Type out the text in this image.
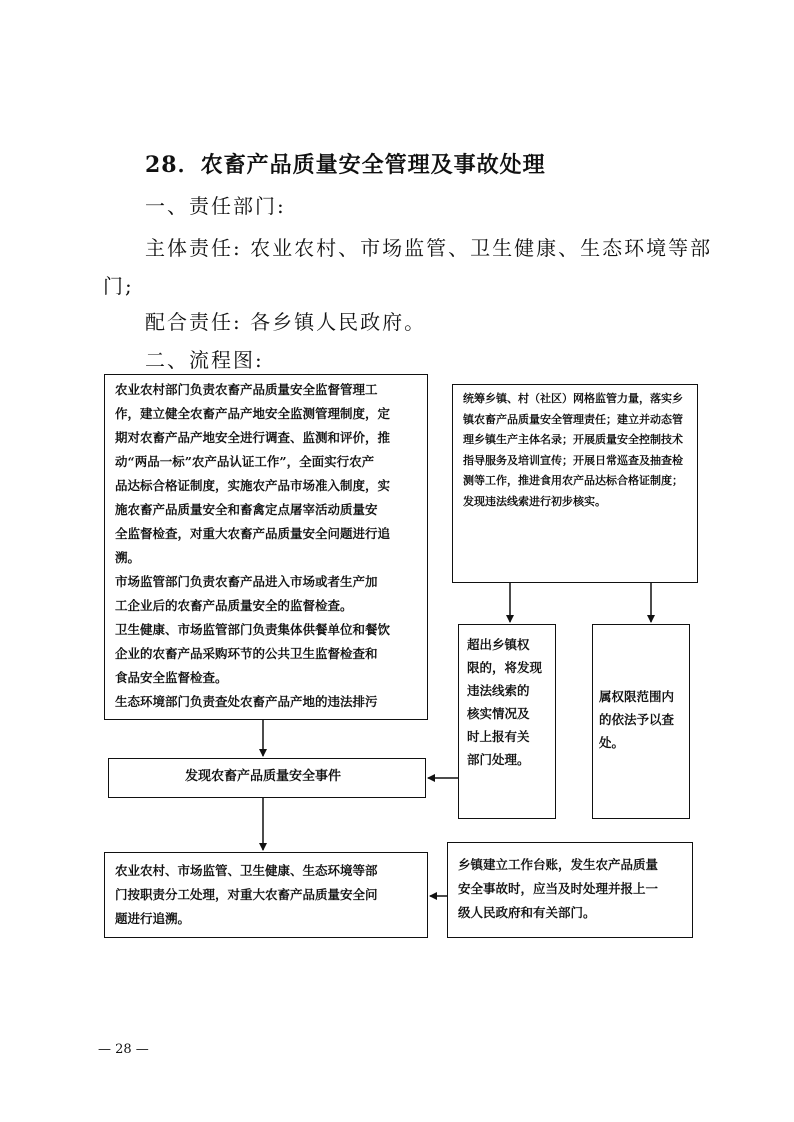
28．农畜产品质量安全管理及事故处理
一、责任部门:
主体责任: 农业农村、市场监管、卫生健康、生态环境等部
门;
配合责任: 各乡镇人民政府。
二、流程图:

农业农村部门负责农畜产品质量安全监督管理工

作，建立健全农畜产品产地安全监测管理制度，定

期对农畜产品产地安全进行调查、监测和评价，推

动“两品一标”农产品认证工作”，全面实行农产

品达标合格证制度，实施农产品市场准入制度，实

施农畜产品质量安全和畜禽定点屠宰活动质量安

全监督检查，对重大农畜产品质量安全问题进行追

溯。

市场监管部门负责农畜产品进入市场或者生产加

工企业后的农畜产品质量安全的监督检查。

卫生健康、市场监管部门负责集体供餐单位和餐饮

企业的农畜产品采购环节的公共卫生监督检查和

食品安全监督检查。

生态环境部门负责查处农畜产品产地的违法排污

统筹乡镇、村（社区）网格监管力量，落实乡

镇农畜产品质量安全管理责任；建立并动态管

理乡镇生产主体名录；开展质量安全控制技术

指导服务及培训宣传；开展日常巡查及抽查检

测等工作，推进食用农产品达标合格证制度；

发现违法线索进行初步核实。

超出乡镇权

限的，将发现

违法线索的

核实情况及

时上报有关

部门处理。

属权限范围内

的依法予以查

处。

发现农畜产品质量安全事件

农业农村、市场监管、卫生健康、生态环境等部

门按职责分工处理，对重大农畜产品质量安全问

题进行追溯。

乡镇建立工作台账，发生农产品质量

安全事故时，应当及时处理并报上一

级人民政府和有关部门。

— 28 —
